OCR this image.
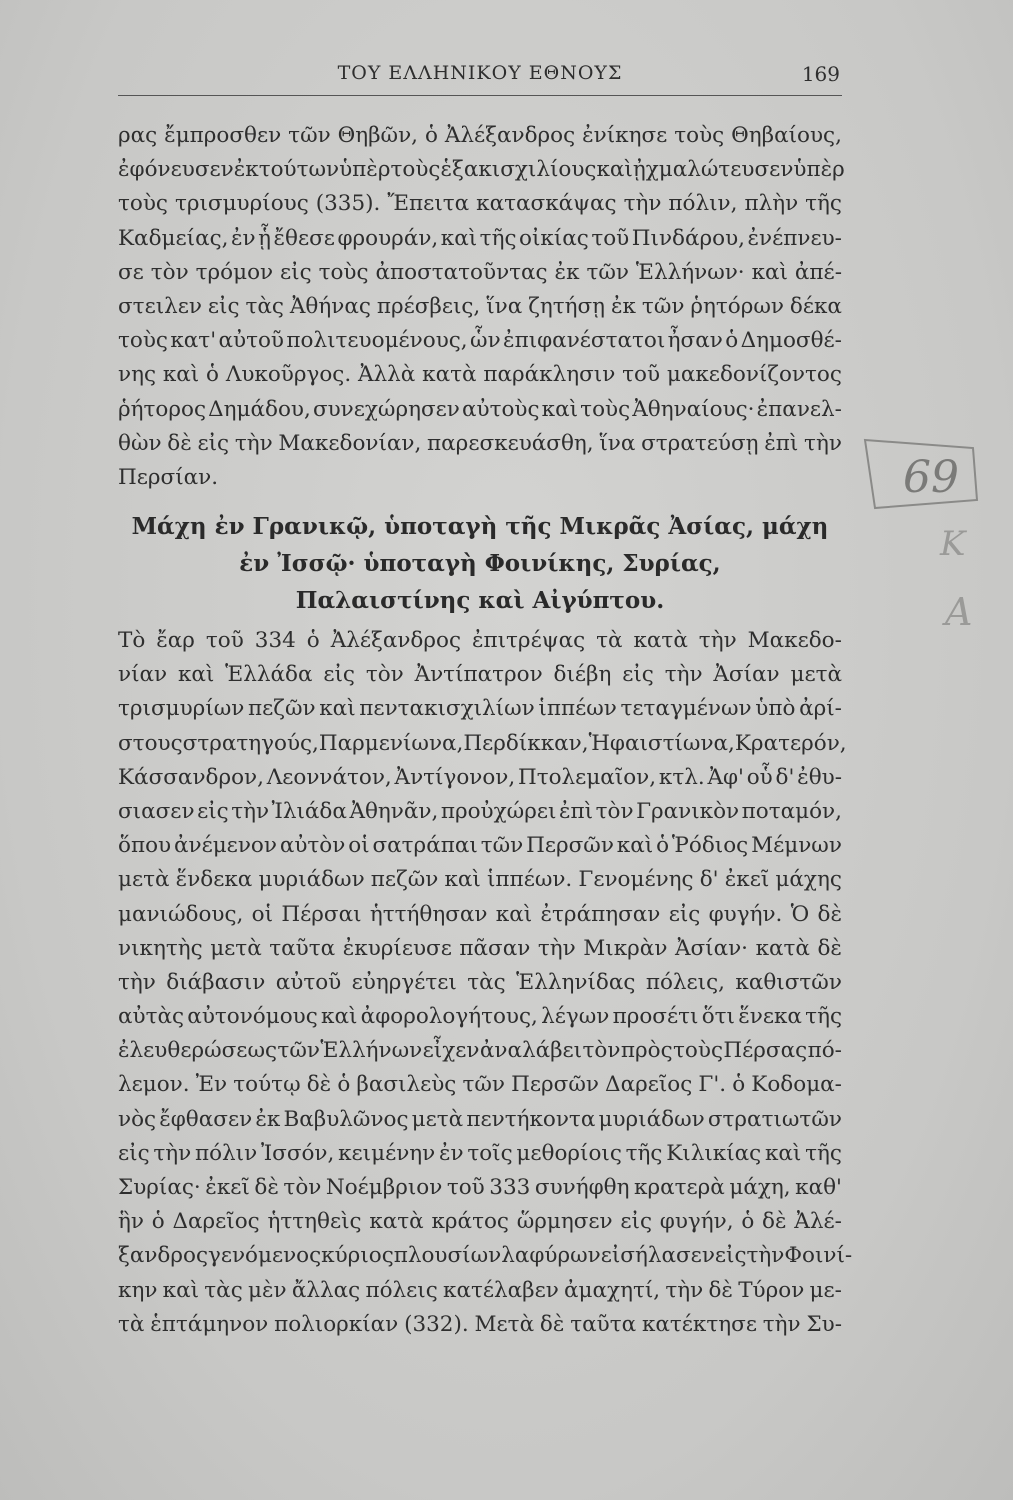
ΤΟΥ ΕΛΛΗΝΙΚΟΥ ΕΘΝΟΥΣ	169
ρας ἔμπροσθεν τῶν Θηβῶν, ὁ Ἀλέξανδρος ἐνίκησε τοὺς Θηβαίους,
ἐφόνευσεν ἐκ τούτων ὑπὲρ τοὺς ἑξακισχιλίους καὶ ᾐχμαλώτευσεν ὑπὲρ
τοὺς τρισμυρίους (335). Ἔπειτα κατασκάψας τὴν πόλιν, πλὴν τῆς
Καδμείας, ἐν ᾗ ἔθεσε φρουράν, καὶ τῆς οἰκίας τοῦ Πινδάρου, ἐνέπνευ-
σε τὸν τρόμον εἰς τοὺς ἀποστατοῦντας ἐκ τῶν Ἑλλήνων· καὶ ἀπέ-
στειλεν εἰς τὰς Ἀθήνας πρέσβεις, ἵνα ζητήσῃ ἐκ τῶν ῥητόρων δέκα
τοὺς κατ' αὐτοῦ πολιτευομένους, ὧν ἐπιφανέστατοι ἦσαν ὁ Δημοσθέ-
νης καὶ ὁ Λυκοῦργος. Ἀλλὰ κατὰ παράκλησιν τοῦ μακεδονίζοντος
ῥήτορος Δημάδου, συνεχώρησεν αὐτοὺς καὶ τοὺς Ἀθηναίους· ἐπανελ-
θὼν δὲ εἰς τὴν Μακεδονίαν, παρεσκευάσθη, ἵνα στρατεύσῃ ἐπὶ τὴν
Περσίαν.
Μάχη ἐν Γρανικῷ, ὑποταγὴ τῆς Μικρᾶς Ἀσίας, μάχη
ἐν Ἰσσῷ· ὑποταγὴ Φοινίκης, Συρίας,
Παλαιστίνης καὶ Αἰγύπτου.
Τὸ ἔαρ τοῦ 334 ὁ Ἀλέξανδρος ἐπιτρέψας τὰ κατὰ τὴν Μακεδο-
νίαν καὶ Ἑλλάδα εἰς τὸν Ἀντίπατρον διέβη εἰς τὴν Ἀσίαν μετὰ
τρισμυρίων πεζῶν καὶ πεντακισχιλίων ἱππέων τεταγμένων ὑπὸ ἀρί-
στους στρατηγούς, Παρμενίωνα, Περδίκκαν, Ἡφαιστίωνα, Κρατερόν,
Κάσσανδρον, Λεοννάτον, Ἀντίγονον, Πτολεμαῖον, κτλ. Ἀφ' οὗ δ' ἐθυ-
σιασεν εἰς τὴν Ἰλιάδα Ἀθηνᾶν, προὐχώρει ἐπὶ τὸν Γρανικὸν ποταμόν,
ὅπου ἀνέμενον αὐτὸν οἱ σατράπαι τῶν Περσῶν καὶ ὁ Ῥόδιος Μέμνων
μετὰ ἕνδεκα μυριάδων πεζῶν καὶ ἱππέων. Γενομένης δ' ἐκεῖ μάχης
μανιώδους, οἱ Πέρσαι ἡττήθησαν καὶ ἐτράπησαν εἰς φυγήν. Ὁ δὲ
νικητὴς μετὰ ταῦτα ἐκυρίευσε πᾶσαν τὴν Μικρὰν Ἀσίαν· κατὰ δὲ
τὴν διάβασιν αὐτοῦ εὐηργέτει τὰς Ἑλληνίδας πόλεις, καθιστῶν
αὐτὰς αὐτονόμους καὶ ἀφορολογήτους, λέγων προσέτι ὅτι ἕνεκα τῆς
ἐλευθερώσεως τῶν Ἑλλήνων εἶχεν ἀναλάβει τὸν πρὸς τοὺς Πέρσας πό-
λεμον. Ἐν τούτῳ δὲ ὁ βασιλεὺς τῶν Περσῶν Δαρεῖος Γ'. ὁ Κοδομα-
νὸς ἔφθασεν ἐκ Βαβυλῶνος μετὰ πεντήκοντα μυριάδων στρατιωτῶν
εἰς τὴν πόλιν Ἰσσόν, κειμένην ἐν τοῖς μεθορίοις τῆς Κιλικίας καὶ τῆς
Συρίας· ἐκεῖ δὲ τὸν Νοέμβριον τοῦ 333 συνήφθη κρατερὰ μάχη, καθ'
ἣν ὁ Δαρεῖος ἡττηθεὶς κατὰ κράτος ὥρμησεν εἰς φυγήν, ὁ δὲ Ἀλέ-
ξανδρος γενόμενος κύριος πλουσίων λαφύρων εἰσήλασεν εἰς τὴν Φοινί-
κην καὶ τὰς μὲν ἄλλας πόλεις κατέλαβεν ἀμαχητί, τὴν δὲ Τύρον με-
τὰ ἑπτάμηνον πολιορκίαν (332). Μετὰ δὲ ταῦτα κατέκτησε τὴν Συ-
69
Κ
Α
